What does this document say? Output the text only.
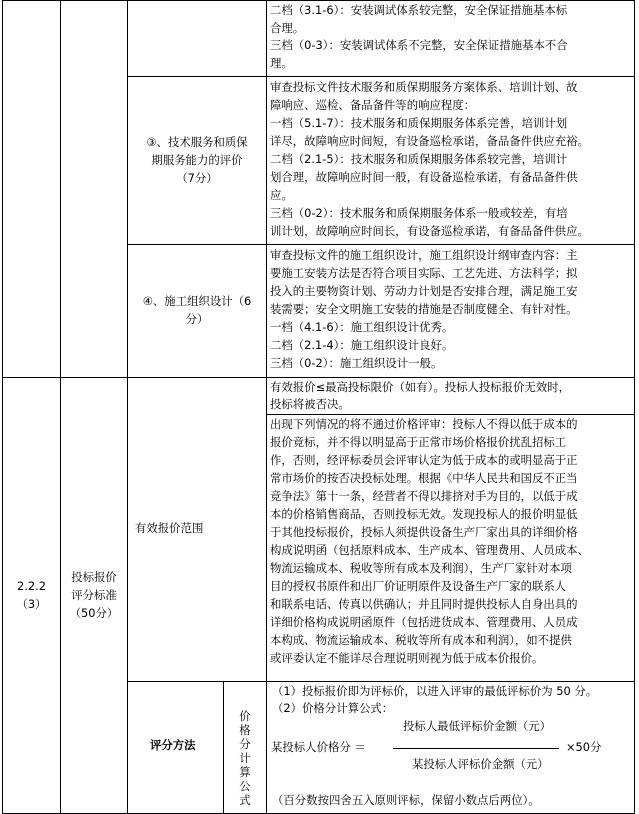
二档（3.1-6）：安装调试体系较完整，安全保证措施基本标
合理。
三档（0-3）：安装调试体系不完整，安全保证措施基本不合
理。
③、技术服务和质保
期服务能力的评价
（7分）
审查投标文件技术服务和质保期服务方案体系、培训计划、故
障响应、巡检、备品备件等的响应程度：
一档（5.1-7）：技术服务和质保期服务体系完善，培训计划
详尽，故障响应时间短，有设备巡检承诺，备品备件供应充裕。
二档（2.1-5）：技术服务和质保期服务体系较完善，培训计
划合理，故障响应时间一般，有设备巡检承诺，有备品备件供
应。
三档（0-2）：技术服务和质保期服务体系一般或较差，有培
训计划，故障响应时间长，有设备巡检承诺，有备品备件供应。
④、施工组织设计（6
分）
审查投标文件的施工组织设计，施工组织设计纲审查内容：主
要施工安装方法是否符合项目实际、工艺先进、方法科学；拟
投入的主要物资计划、劳动力计划是否安排合理，满足施工安
装需要；安全文明施工安装的措施是否制度健全、有针对性。
一档（4.1-6）：施工组织设计优秀。
二档（2.1-4）：施工组织设计良好。
三档（0-2）：施工组织设计一般。
2.2.2
（3）
投标报价
评分标准
（50分）
有效报价范围
有效报价≤最高投标限价（如有）。投标人投标报价无效时，
投标将被否决。
出现下列情况的将不通过价格评审：投标人不得以低于成本的
报价竞标，并不得以明显高于正常市场价格报价扰乱招标工
作，否则，经评标委员会评审认定为低于成本的或明显高于正
常市场价的按否决投标处理。根据《中华人民共和国反不正当
竞争法》第十一条，经营者不得以排挤对手为目的，以低于成
本的价格销售商品，否则投标无效。发现投标人的报价明显低
于其他投标报价，投标人须提供设备生产厂家出具的详细价格
构成说明函（包括原料成本、生产成本、管理费用、人员成本、
物流运输成本、税收等所有成本及利润），生产厂家针对本项
目的授权书原件和出厂价证明原件及设备生产厂家的联系人
和联系电话、传真以供确认；并且同时提供投标人自身出具的
详细价格构成说明函原件（包括进货成本、管理费用、人员成
本构成、物流运输成本、税收等所有成本和利润），如不提供
或评委认定不能详尽合理说明则视为低于成本价报价。
评分方法
价
格
分
计
算
公
式
（1）投标报价即为评标价，以进入评审的最低评标价为 50 分。
（2）价格分计算公式：
投标人最低评标价金额（元）
某投标人价格分 ＝	×50分
某投标人评标价金额（元）
（百分数按四舍五入原则评标，保留小数点后两位）。
